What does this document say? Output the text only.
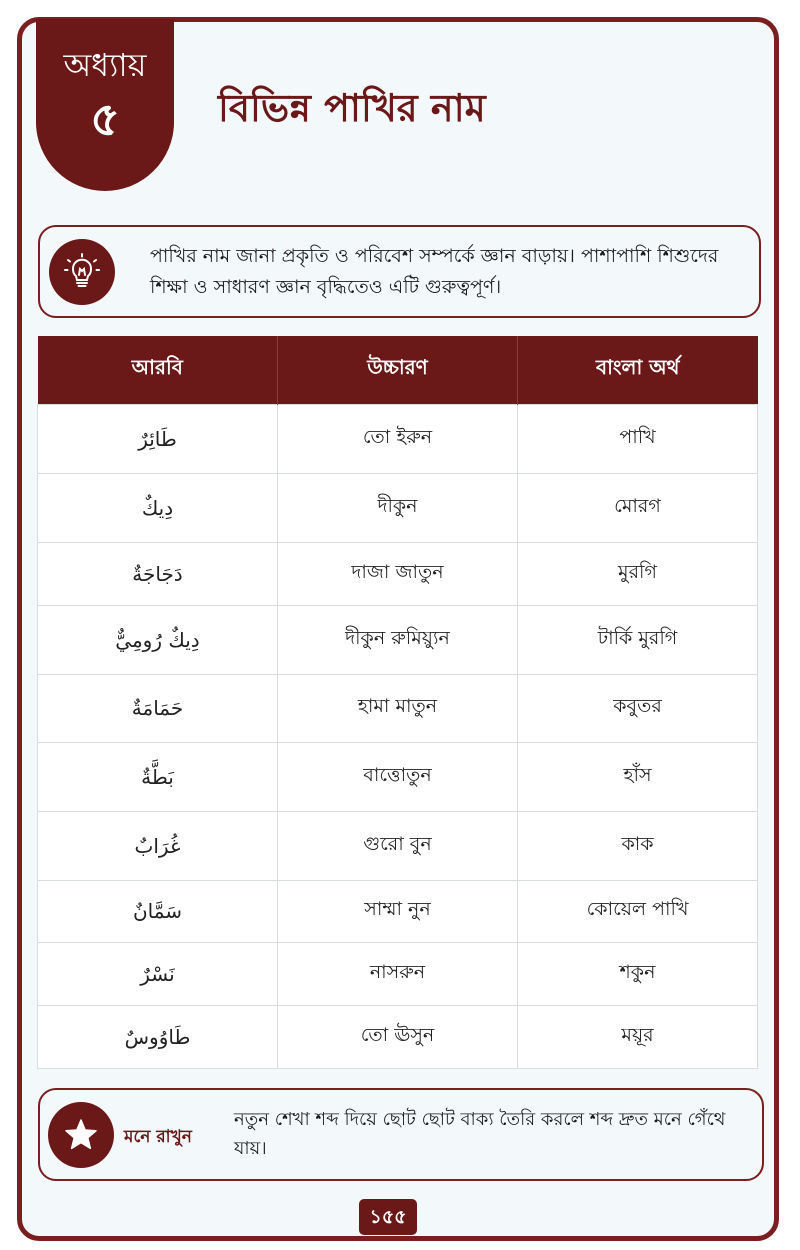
অধ্যায়
৫	বিভিন্ন পাখির নাম
পাখির নাম জানা প্রকৃতি ও পরিবেশ সম্পর্কে জ্ঞান বাড়ায়। পাশাপাশি শিশুদের শিক্ষা ও সাধারণ জ্ঞান বৃদ্ধিতেও এটি গুরুত্বপূর্ণ।
আরবি	উচ্চারণ	বাংলা অর্থ
طَائِرٌ	তো ইরুন	পাখি
دِيكٌ	দীকুন	মোরগ
دَجَاجَةٌ	দাজা জাতুন	মুরগি
دِيكٌ رُومِيٌّ	দীকুন রুমিয়্যুন	টার্কি মুরগি
حَمَامَةٌ	হামা মাতুন	কবুতর
بَطَّةٌ	বাত্তোতুন	হাঁস
غُرَابٌ	গুরো বুন	কাক
سَمَّانٌ	সাম্মা নুন	কোয়েল পাখি
نَسْرٌ	নাসরুন	শকুন
طَاوُوسٌ	তো ঊসুন	ময়ূর
মনে রাখুন
নতুন শেখা শব্দ দিয়ে ছোট ছোট বাক্য তৈরি করলে শব্দ দ্রুত মনে গেঁথে যায়।
১৫৫
